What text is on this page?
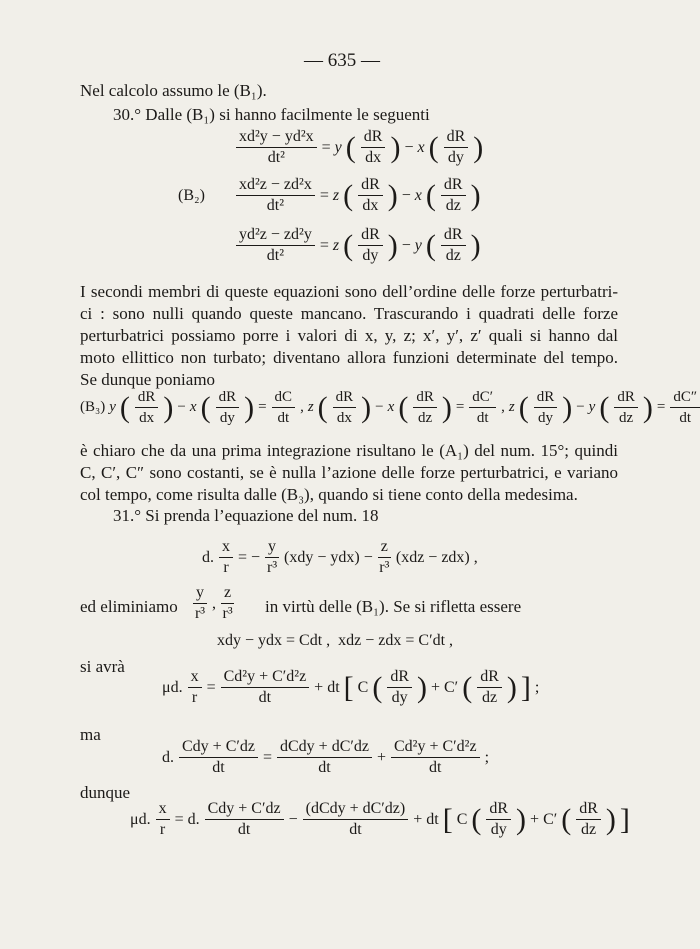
— 635 —
Nel calcolo assumo le (B₁).
30.° Dalle (B₁) si hanno facilmente le seguenti
$\frac{\text{xd²y − yd²x}}{\text{dt²}} = y$ ( $\frac{dR}{dx}$ ) − x ( $\frac{dR}{dy}$ )
$(B_2) \frac{\text{xd²z − zd²x}}{\text{dt²}} = z$ ( $\frac{dR}{dx}$ ) − x ( $\frac{dR}{dz}$ )
$\frac{\text{yd²z − zd²y}}{\text{dt²}} = z$ ( $\frac{dR}{dy}$ ) − y ( $\frac{dR}{dz}$ )
I secondi membri di queste equazioni sono dell’ordine delle forze perturbatri-
ci : sono nulli quando queste mancano. Trascurando i quadrati delle forze
perturbatrici possiamo porre i valori di x, y, z; x′, y′, z′ quali si hanno dal
moto ellittico non turbato; diventano allora funzioni determinate del tempo.
Se dunque poniamo
(B₃) y ( $\frac{dR}{dx}$ ) − x ( $\frac{dR}{dy}$ ) = $\frac{dC}{dt}$ , z ( $\frac{dR}{dx}$ ) − x ( $\frac{dR}{dz}$ ) = $\frac{dC'}{dt}$ , z ( $\frac{dR}{dy}$ ) − y ( $\frac{dR}{dz}$ ) = $\frac{dC''}{dt}$
è chiaro che da una prima integrazione risultano le (A₁) del num. 15°; quindi
C, C′, C″ sono costanti, se è nulla l’azione delle forze perturbatrici, e variano
col tempo, come risulta dalle (B₃), quando si tiene conto della medesima.
31.° Si prenda l’equazione del num. 18
d. $\frac{x}{r}$ = − $\frac{y}{\text{r³}} (xdy - ydx) - \frac{z}{\text{r³}} (xdz - zdx)$ ,
ed eliminiamo $\frac{y}{\text{r³}}$ , $\frac{z}{\text{r³}}$ in virtù delle (B₁). Se si rifletta essere
xdy − ydx = Cdt , xdz − zdx = C′dt ,
si avrà
μd. $\frac{x}{r} = \frac{\text{Cd²y + C′d²z}}{dt}$ + dt [ C ( $\frac{dR}{dy}$ ) + C′ ( $\frac{dR}{dz}$ ) ] ;
ma
d. $\frac{\text{Cdy + C′dz}}{dt} = \frac{\text{dCdy + dC′dz}}{dt} + \frac{\text{Cd²y + C′d²z}}{dt}$ ;
dunque
μd. $\frac{x}{r} = d$. $\frac{\text{Cdy + C′dz}}{dt} - \frac{\text{(dCdy + dC′dz)}}{dt}$ + dt [ C ( $\frac{dR}{dy}$ ) + C′ ( $\frac{dR}{dz}$ ) ]
